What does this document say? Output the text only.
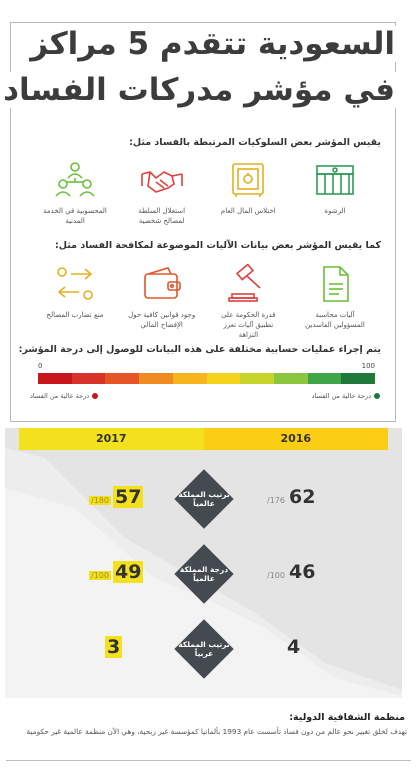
السعودية تتقدم 5 مراكز
في مؤشر مدركات الفساد
يقيس المؤشر بعض السلوكيات المرتبطة بالفساد مثل:
الرشوة
اختلاس المال العام
استغلال السلطة لمصالح شخصية
المحسوبية في الخدمة المدنية
كما يقيس المؤشر بعض بيانات الآليات الموضوعة لمكافحة الفساد مثل:
آليات محاسبة المسؤولين الفاسدين
قدرة الحكومة على تطبيق آليات تعزز النزاهة
وجود قوانين كافية حول الإفصاح المالي
منع تضارب المصالح
يتم إجراء عمليات حسابية مختلفة على هذه البيانات للوصول إلى درجة المؤشر:
0	100
درجة عالية من الفساد	درجة خالية من الفساد
2017	2016
/180 57	ترتيب المملكة عالمياً	/176 62
/100 49	درجة المملكة عالمياً	/100 46
3	ترتيب المملكة عربياً	4
منظمة الشفافية الدولية:
تهدف لخلق تغيير نحو عالم من دون فساد تأسست عام 1993 بألمانيا كمؤسسة غير ربحية، وهي الآن منظمة عالمية غير حكومية
